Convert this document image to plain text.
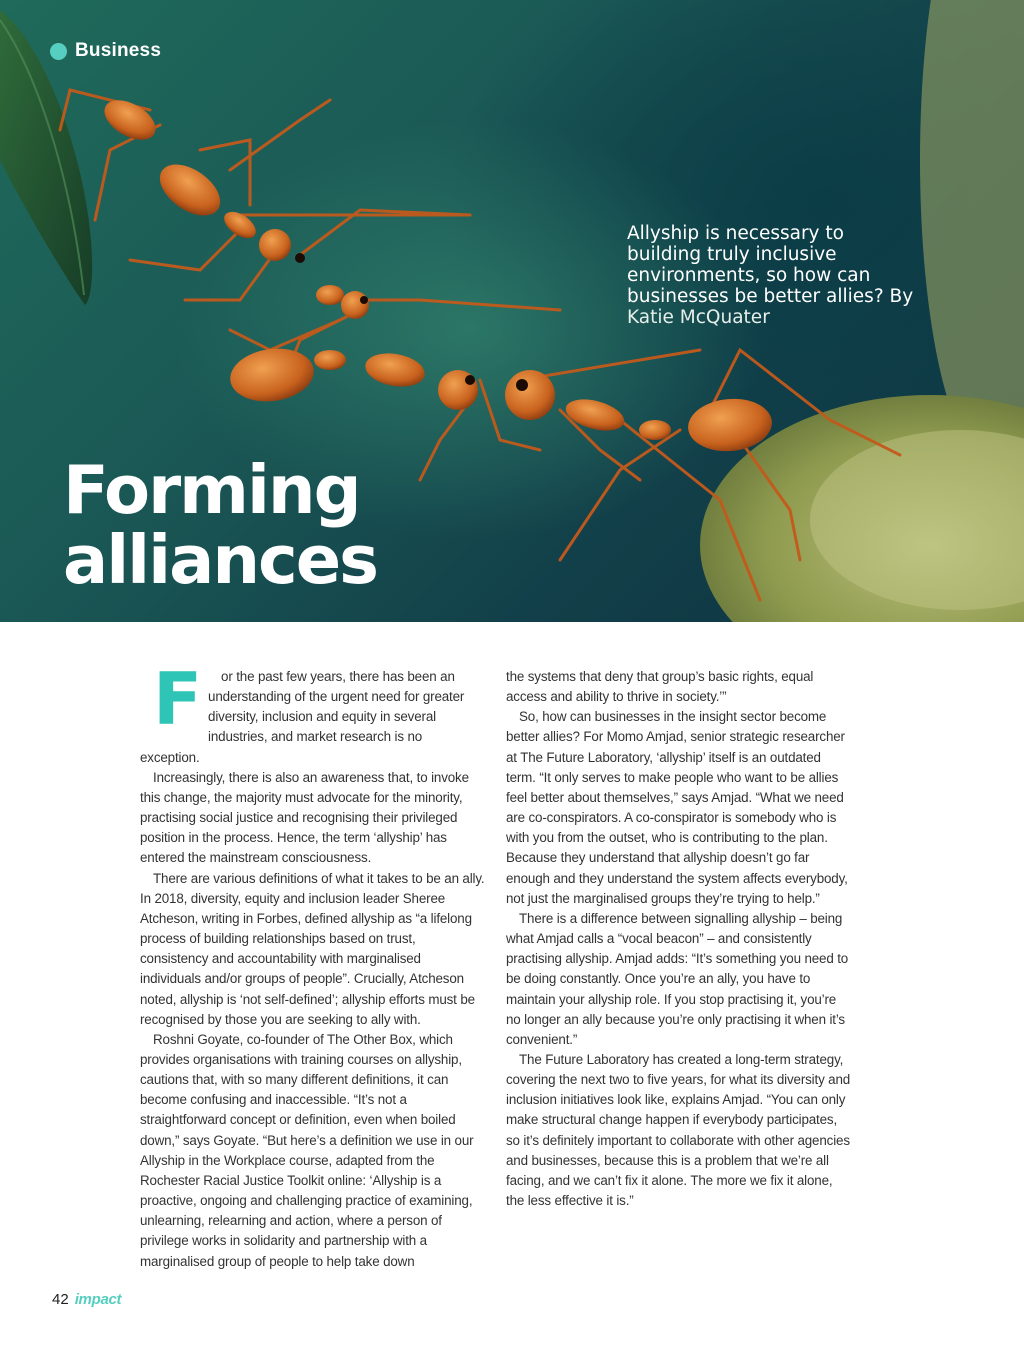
Business
Allyship is necessary to building truly inclusive environments, so how can businesses be better allies? By Katie McQuater
Forming
alliances

F or the past few years, there has been an understanding of the urgent need for greater diversity, inclusion and equity in several industries, and market research is no exception.

Increasingly, there is also an awareness that, to invoke this change, the majority must advocate for the minority, practising social justice and recognising their privileged position in the process. Hence, the term ‘allyship’ has entered the mainstream consciousness.

There are various definitions of what it takes to be an ally. In 2018, diversity, equity and inclusion leader Sheree Atcheson, writing in Forbes, defined allyship as “a lifelong process of building relationships based on trust, consistency and accountability with marginalised individuals and/or groups of people”. Crucially, Atcheson noted, allyship is ‘not self-defined’; allyship efforts must be recognised by those you are seeking to ally with.

Roshni Goyate, co-founder of The Other Box, which provides organisations with training courses on allyship, cautions that, with so many different definitions, it can become confusing and inaccessible. “It’s not a straightforward concept or definition, even when boiled down,” says Goyate. “But here’s a definition we use in our Allyship in the Workplace course, adapted from the Rochester Racial Justice Toolkit online: ‘Allyship is a proactive, ongoing and challenging practice of examining, unlearning, relearning and action, where a person of privilege works in solidarity and partnership with a marginalised group of people to help take down

the systems that deny that group’s basic rights, equal access and ability to thrive in society.’”

So, how can businesses in the insight sector become better allies? For Momo Amjad, senior strategic researcher at The Future Laboratory, ‘allyship’ itself is an outdated term. “It only serves to make people who want to be allies feel better about themselves,” says Amjad. “What we need are co-conspirators. A co-conspirator is somebody who is with you from the outset, who is contributing to the plan. Because they understand that allyship doesn’t go far enough and they understand the system affects everybody, not just the marginalised groups they’re trying to help.”

There is a difference between signalling allyship – being what Amjad calls a “vocal beacon” – and consistently practising allyship. Amjad adds: “It’s something you need to be doing constantly. Once you’re an ally, you have to maintain your allyship role. If you stop practising it, you’re no longer an ally because you’re only practising it when it’s convenient.”

The Future Laboratory has created a long-term strategy, covering the next two to five years, for what its diversity and inclusion initiatives look like, explains Amjad. “You can only make structural change happen if everybody participates, so it’s definitely important to collaborate with other agencies and businesses, because this is a problem that we’re all facing, and we can’t fix it alone. The more we fix it alone, the less effective it is.”

42 impact
